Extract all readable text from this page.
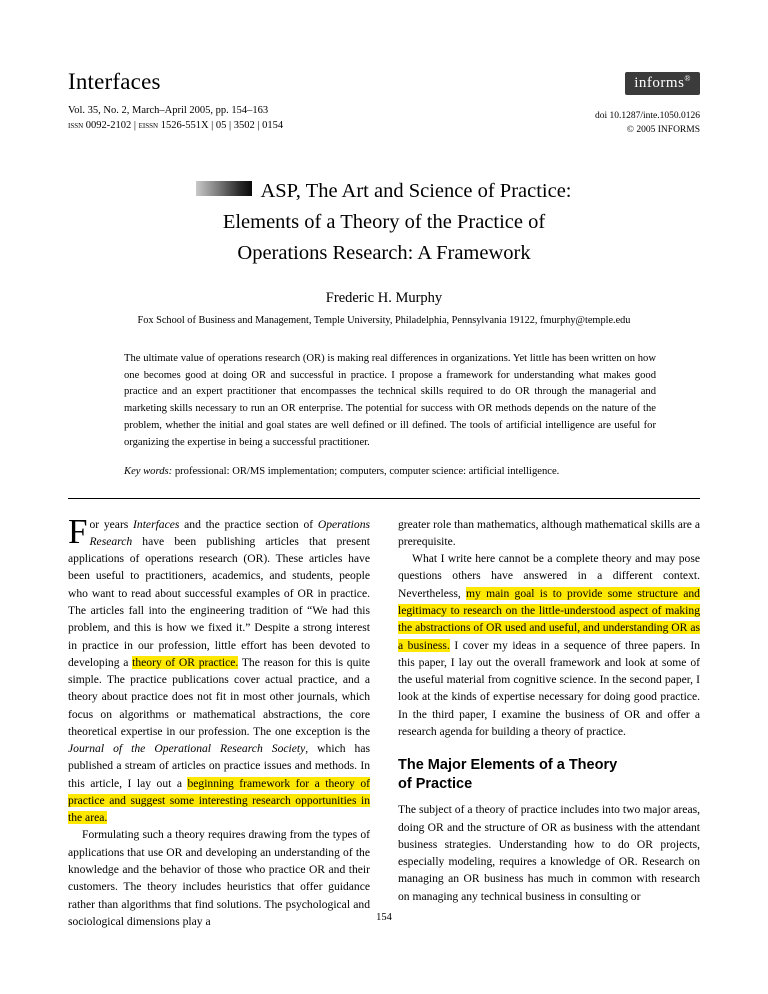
Interfaces
Vol. 35, No. 2, March–April 2005, pp. 154–163
issn 0092-2102 | eissn 1526-551X | 05 | 3502 | 0154
informs®
doi 10.1287/inte.1050.0126
© 2005 INFORMS
ASP, The Art and Science of Practice:
Elements of a Theory of the Practice of
Operations Research: A Framework
Frederic H. Murphy
Fox School of Business and Management, Temple University, Philadelphia, Pennsylvania 19122, fmurphy@temple.edu
The ultimate value of operations research (OR) is making real differences in organizations. Yet little has been written on how one becomes good at doing OR and successful in practice. I propose a framework for understanding what makes good practice and an expert practitioner that encompasses the technical skills required to do OR through the managerial and marketing skills necessary to run an OR enterprise. The potential for success with OR methods depends on the nature of the problem, whether the initial and goal states are well defined or ill defined. The tools of artificial intelligence are useful for organizing the expertise in being a successful practitioner.
Key words: professional: OR/MS implementation; computers, computer science: artificial intelligence.

For years Interfaces and the practice section of Operations Research have been publishing articles that present applications of operations research (OR). These articles have been useful to practitioners, academics, and students, people who want to read about successful examples of OR in practice. The articles fall into the engineering tradition of “We had this problem, and this is how we fixed it.” Despite a strong interest in practice in our profession, little effort has been devoted to developing a theory of OR practice. The reason for this is quite simple. The practice publications cover actual practice, and a theory about practice does not fit in most other journals, which focus on algorithms or mathematical abstractions, the core theoretical expertise in our profession. The one exception is the Journal of the Operational Research Society, which has published a stream of articles on practice issues and methods. In this article, I lay out a beginning framework for a theory of practice and suggest some interesting research opportunities in the area.

Formulating such a theory requires drawing from the types of applications that use OR and developing an understanding of the knowledge and the behavior of those who practice OR and their customers. The theory includes heuristics that offer guidance rather than algorithms that find solutions. The psychological and sociological dimensions play a

greater role than mathematics, although mathematical skills are a prerequisite.

What I write here cannot be a complete theory and may pose questions others have answered in a different context. Nevertheless, my main goal is to provide some structure and legitimacy to research on the little-understood aspect of making the abstractions of OR used and useful, and understanding OR as a business. I cover my ideas in a sequence of three papers. In this paper, I lay out the overall framework and look at some of the useful material from cognitive science. In the second paper, I look at the kinds of expertise necessary for doing good practice. In the third paper, I examine the business of OR and offer a research agenda for building a theory of practice.

The Major Elements of a Theory
of Practice

The subject of a theory of practice includes into two major areas, doing OR and the structure of OR as business with the attendant business strategies. Understanding how to do OR projects, especially modeling, requires a knowledge of OR. Research on managing an OR business has much in common with research on managing any technical business in consulting or

154
